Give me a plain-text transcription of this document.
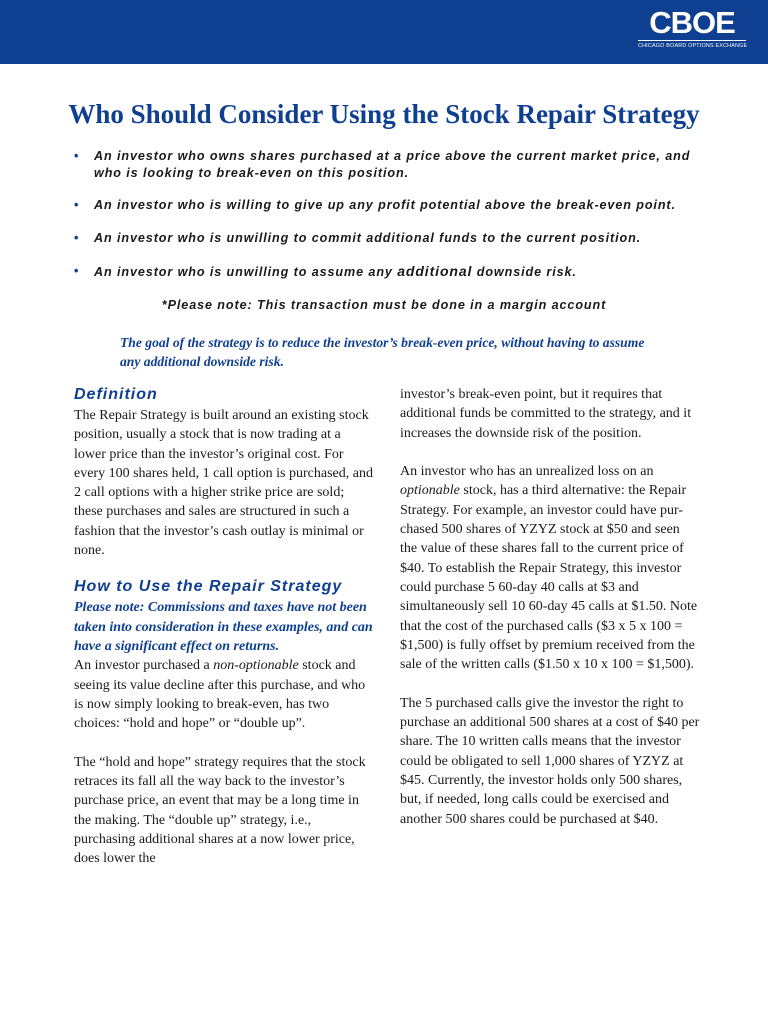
CBOE
CHICAGO BOARD OPTIONS EXCHANGE
Who Should Consider Using the Stock Repair Strategy
• An investor who owns shares purchased at a price above the current market price, and who is looking to break-even on this position.
• An investor who is willing to give up any profit potential above the break-even point.
• An investor who is unwilling to commit additional funds to the current position.
• An investor who is unwilling to assume any additional downside risk.
*Please note: This transaction must be done in a margin account
The goal of the strategy is to reduce the investor’s break-even price, without having to assume any additional downside risk.
Definition

The Repair Strategy is built around an existing stock position, usually a stock that is now trading at a lower price than the investor’s original cost. For every 100 shares held, 1 call option is purchased, and 2 call options with a higher strike price are sold; these purchases and sales are structured in such a fashion that the investor’s cash outlay is minimal or none.

How to Use the Repair Strategy

Please note: Commissions and taxes have not been taken into consideration in these examples, and can have a significant effect on returns.

An investor purchased a non-optionable stock and seeing its value decline after this purchase, and who is now simply looking to break-even, has two choices: “hold and hope” or “double up”.

The “hold and hope” strategy requires that the stock retraces its fall all the way back to the investor’s purchase price, an event that may be a long time in the making. The “double up” strategy, i.e., purchasing additional shares at a now lower price, does lower the

investor’s break-even point, but it requires that additional funds be committed to the strategy, and it increases the downside risk of the position.

An investor who has an unrealized loss on an optionable stock, has a third alternative: the Repair Strategy. For example, an investor could have pur-chased 500 shares of YZYZ stock at $50 and seen the value of these shares fall to the current price of $40. To establish the Repair Strategy, this investor could purchase 5 60-day 40 calls at $3 and simultaneously sell 10 60-day 45 calls at $1.50. Note that the cost of the purchased calls ($3 x 5 x 100 = $1,500) is fully offset by premium received from the sale of the written calls ($1.50 x 10 x 100 = $1,500).

The 5 purchased calls give the investor the right to purchase an additional 500 shares at a cost of $40 per share. The 10 written calls means that the investor could be obligated to sell 1,000 shares of YZYZ at $45. Currently, the investor holds only 500 shares, but, if needed, long calls could be exercised and another 500 shares could be purchased at $40.
